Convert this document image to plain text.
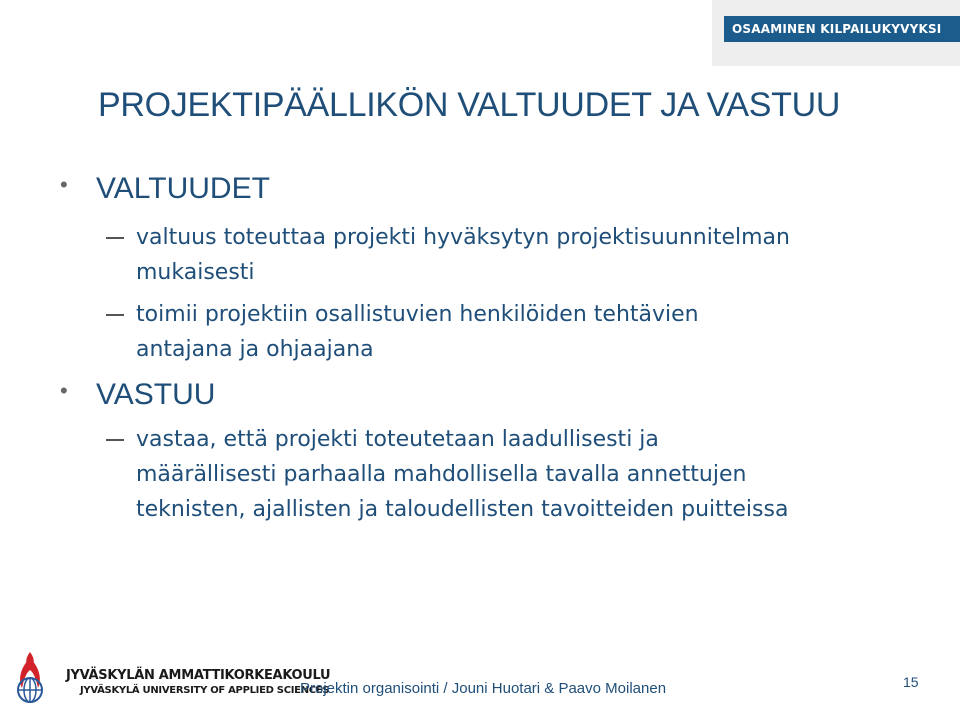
OSAAMINEN KILPAILUKYVYKSI
PROJEKTIPÄÄLLIKÖN VALTUUDET JA VASTUU
• VALTUUDET
valtuus toteuttaa projekti hyväksytyn projektisuunnitelman
mukaisesti
toimii projektiin osallistuvien henkilöiden tehtävien
antajana ja ohjaajana
• VASTUU
vastaa, että projekti toteutetaan laadullisesti ja
määrällisesti parhaalla mahdollisella tavalla annettujen
teknisten, ajallisten ja taloudellisten tavoitteiden puitteissa
JYVÄSKYLÄN AMMATTIKORKEAKOULU
JYVÄSKYLÄ UNIVERSITY OF APPLIED SCIENCES
Projektin organisointi / Jouni Huotari & Paavo Moilanen	15
